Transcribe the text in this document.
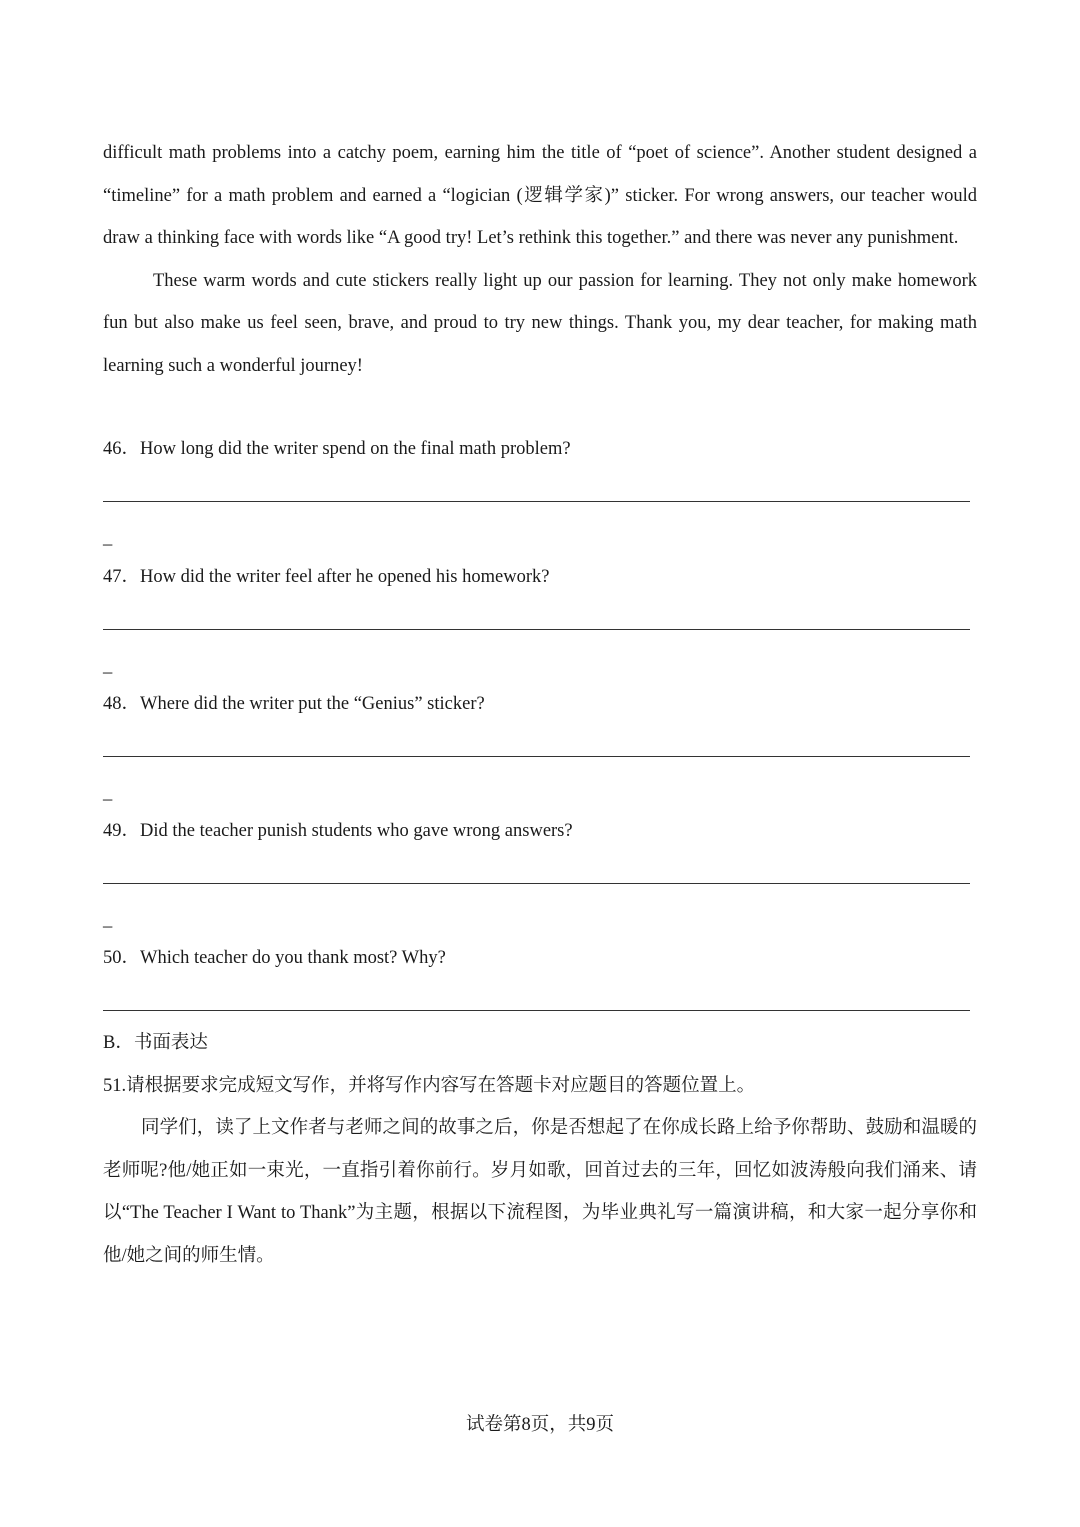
difficult math problems into a catchy poem, earning him the title of “poet of science”. Another student designed a “timeline” for a math problem and earned a “logician (逻辑学家)” sticker. For wrong answers, our teacher would draw a thinking face with words like “A good try! Let’s rethink this together.” and there was never any punishment.

These warm words and cute stickers really light up our passion for learning. They not only make homework fun but also make us feel seen, brave, and proud to try new things. Thank you, my dear teacher, for making math learning such a wonderful journey!

46．How long did the writer spend on the final math problem?

_

47．How did the writer feel after he opened his homework?

_

48．Where did the writer put the “Genius” sticker?

_

49．Did the teacher punish students who gave wrong answers?

_

50．Which teacher do you thank most? Why?

B．书面表达

51.请根据要求完成短文写作，并将写作内容写在答题卡对应题目的答题位置上。

同学们，读了上文作者与老师之间的故事之后，你是否想起了在你成长路上给予你帮助、鼓励和温暖的老师呢?他/她正如一束光，一直指引着你前行。岁月如歌，回首过去的三年，回忆如波涛般向我们涌来、请以“The Teacher I Want to Thank”为主题，根据以下流程图，为毕业典礼写一篇演讲稿，和大家一起分享你和他/她之间的师生情。

试卷第8页，共9页
